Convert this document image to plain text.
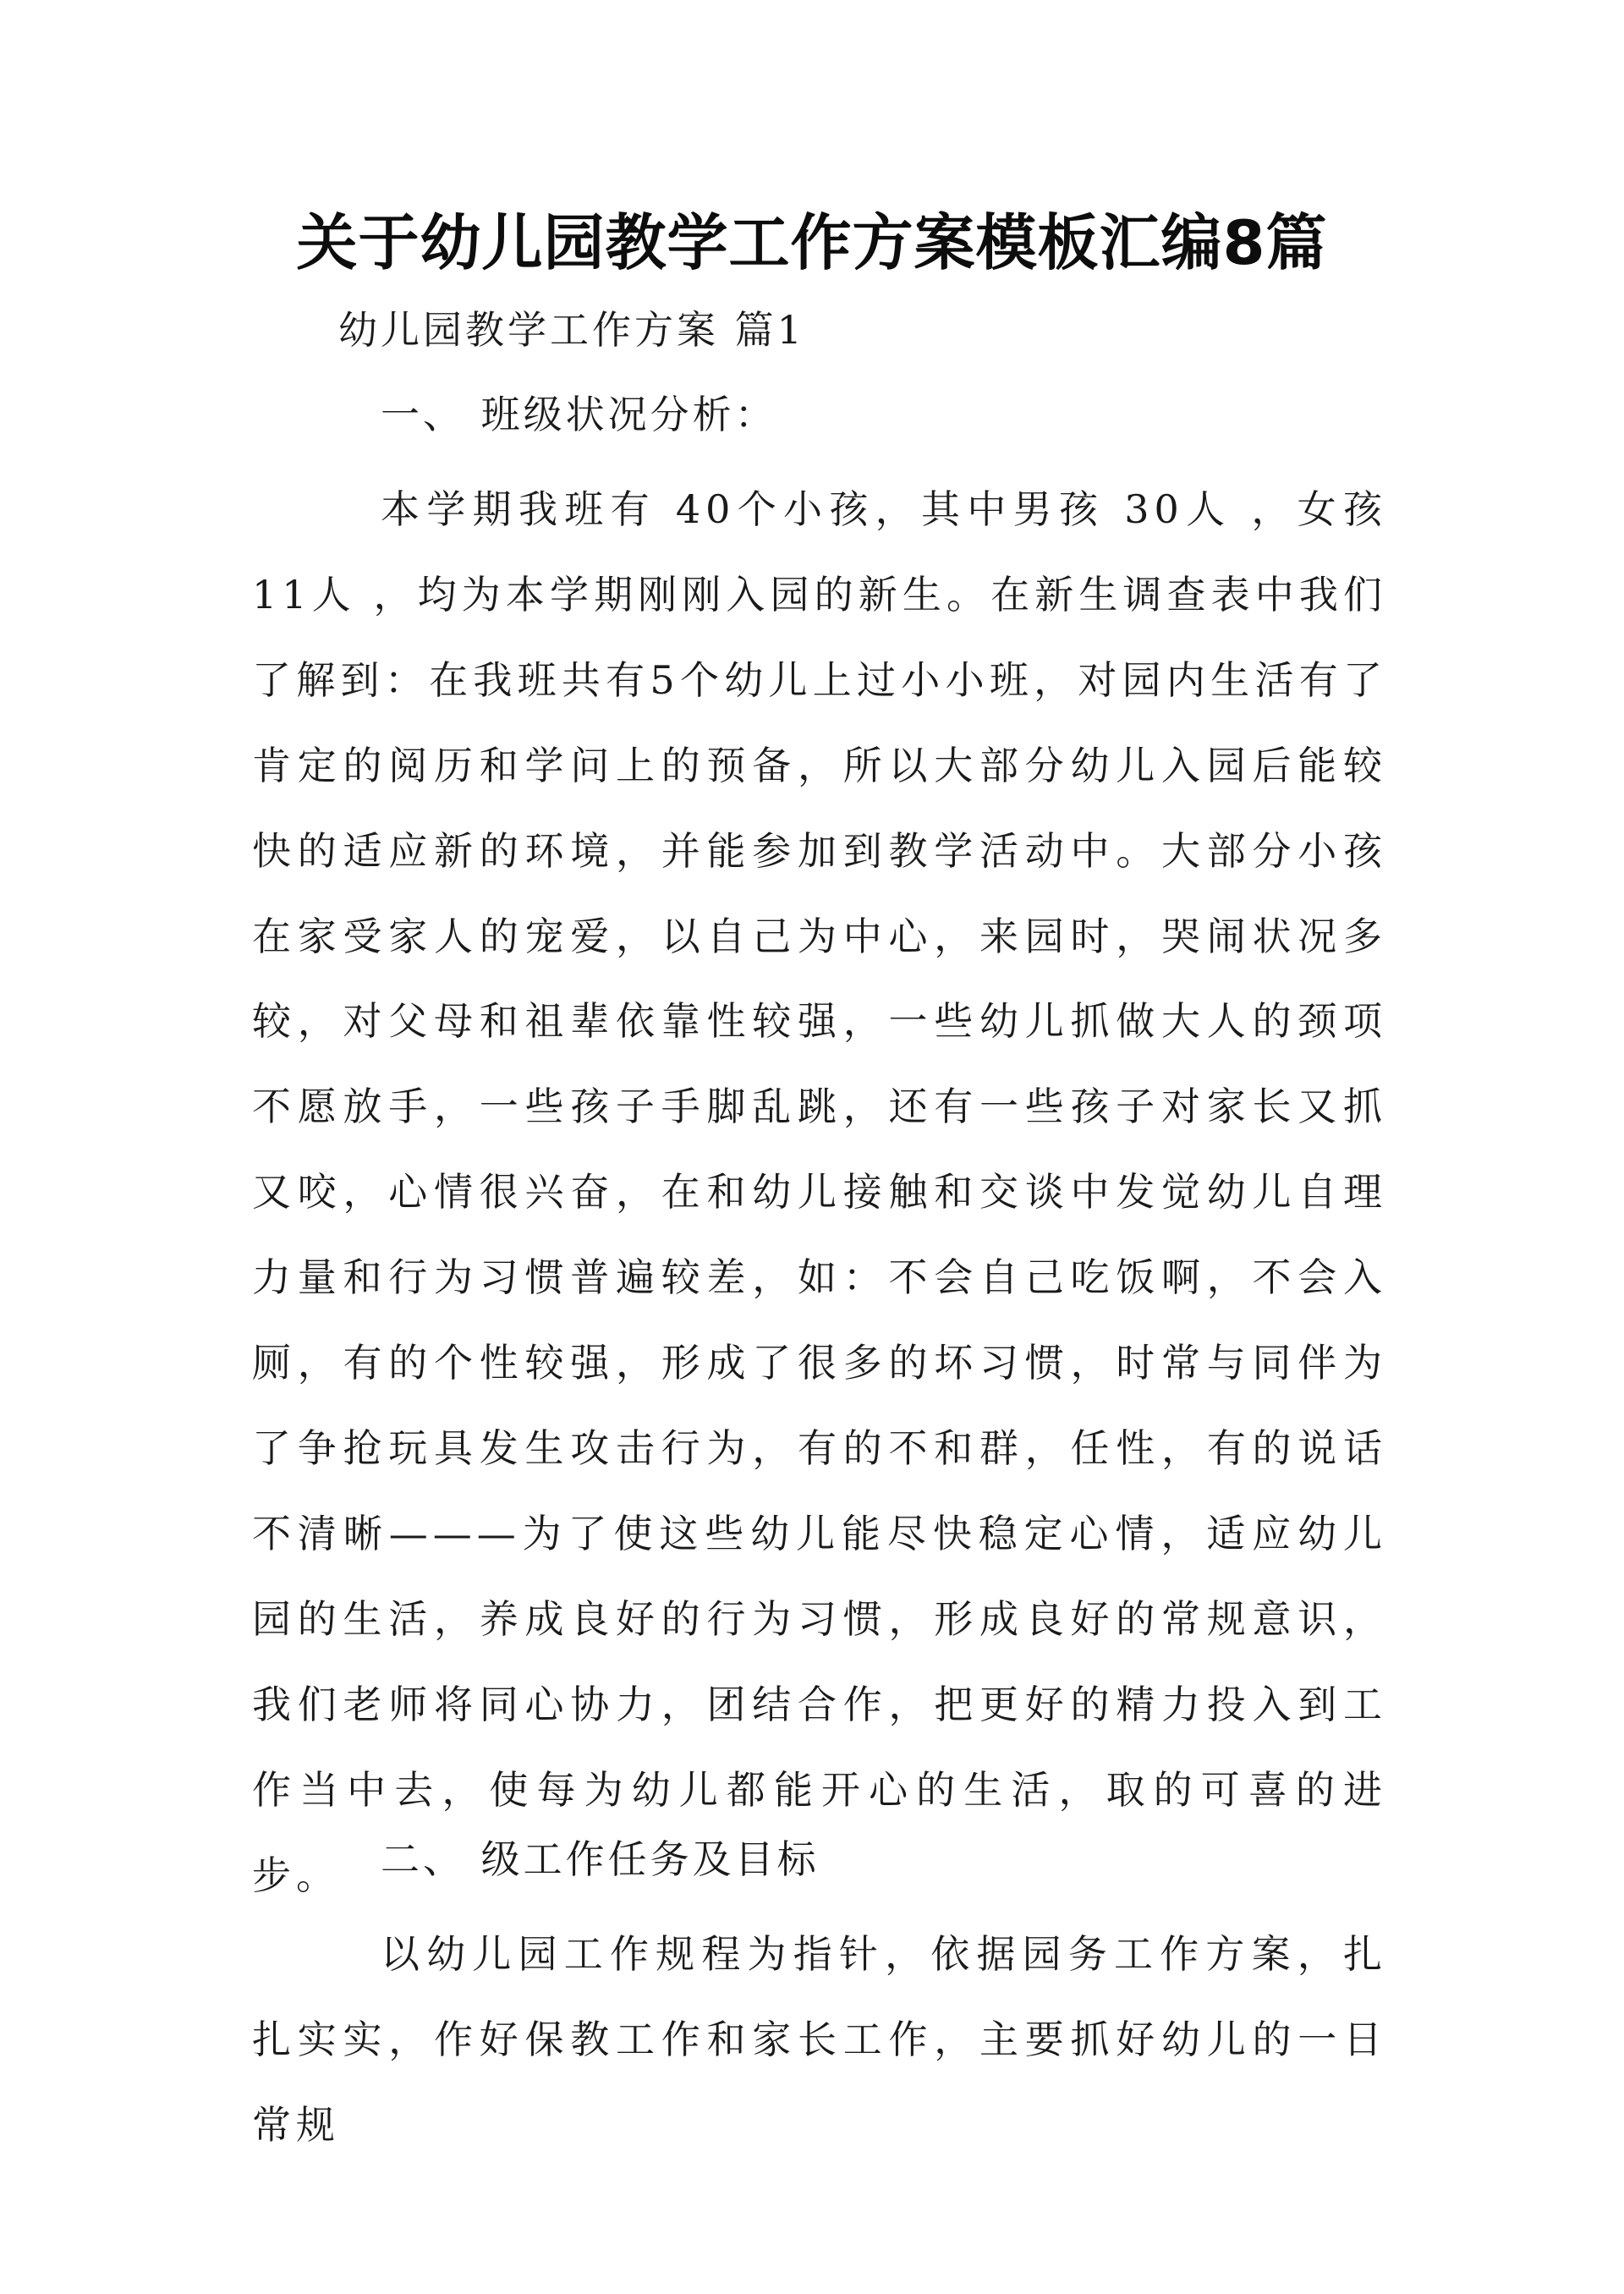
关于幼儿园教学工作方案模板汇编8篇

幼儿园教学工作方案 篇1

一、 班级状况分析：

本学期我班有 40个小孩，其中男孩 30人 ，女孩 11人 ，均为本学期刚刚入园的新生。在新生调查表中我们了解到：在我班共有5个幼儿上过小小班，对园内生活有了肯定的阅历和学问上的预备，所以大部分幼儿入园后能较快的适应新的环境，并能参加到教学活动中。大部分小孩在家受家人的宠爱，以自己为中心，来园时，哭闹状况多较，对父母和祖辈依靠性较强，一些幼儿抓做大人的颈项不愿放手，一些孩子手脚乱跳，还有一些孩子对家长又抓又咬，心情很兴奋，在和幼儿接触和交谈中发觉幼儿自理力量和行为习惯普遍较差，如：不会自己吃饭啊，不会入厕，有的个性较强，形成了很多的坏习惯，时常与同伴为了争抢玩具发生攻击行为，有的不和群，任性，有的说话不清晰———为了使这些幼儿能尽快稳定心情，适应幼儿园的生活，养成良好的行为习惯，形成良好的常规意识，我们老师将同心协力，团结合作，把更好的精力投入到工作当中去，使每为幼儿都能开心的生活，取的可喜的进步。	二、 级工作任务及目标

以幼儿园工作规程为指针，依据园务工作方案，扎扎实实，作好保教工作和家长工作，主要抓好幼儿的一日常规
